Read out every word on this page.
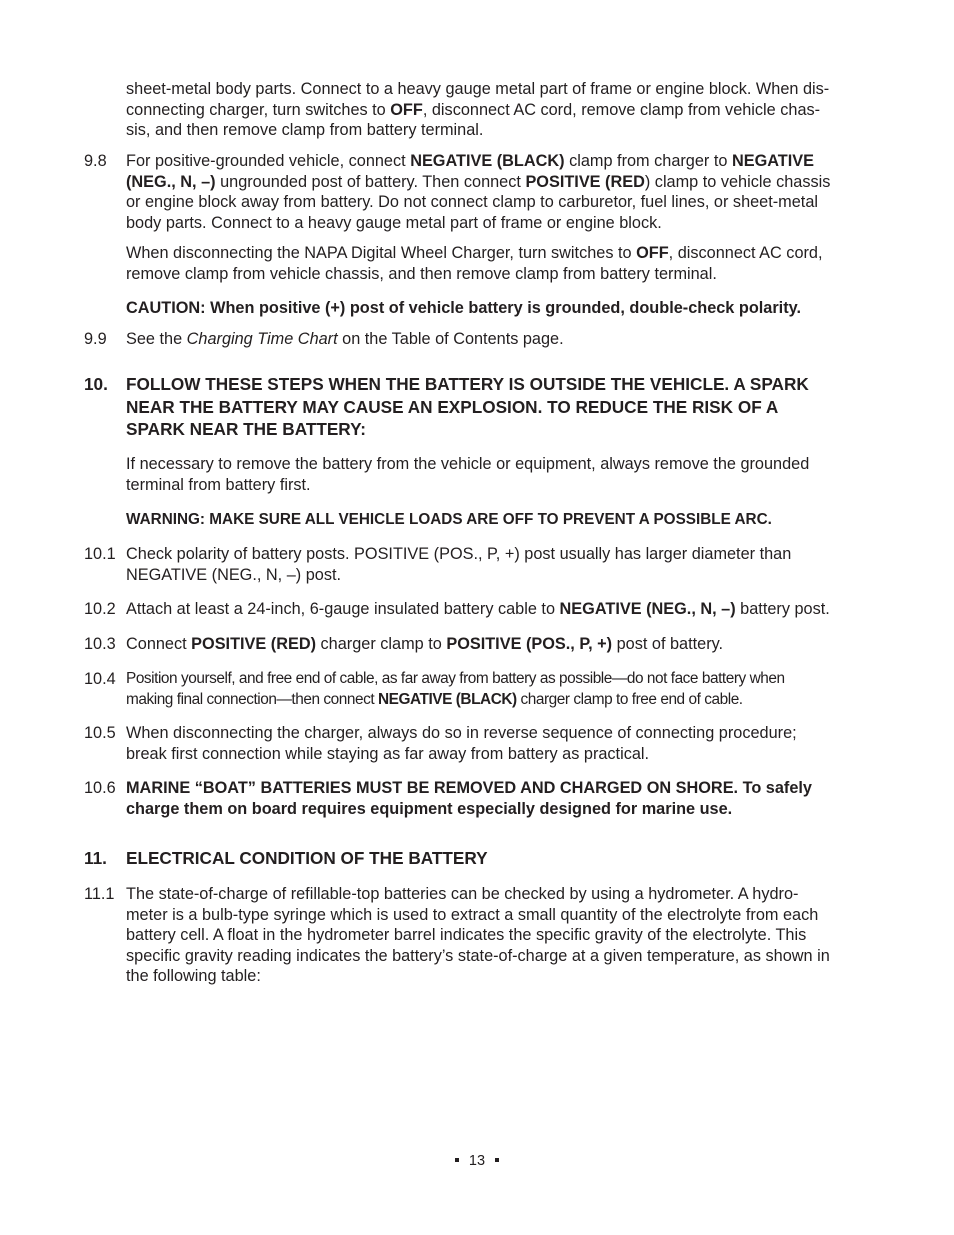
sheet-metal body parts. Connect to a heavy gauge metal part of frame or engine block. When dis-
connecting charger, turn switches to OFF, disconnect AC cord, remove clamp from vehicle chas-
sis, and then remove clamp from battery terminal.
9.8 For positive-grounded vehicle, connect NEGATIVE (BLACK) clamp from charger to NEGATIVE
(NEG., N, –) ungrounded post of battery. Then connect POSITIVE (RED) clamp to vehicle chassis
or engine block away from battery. Do not connect clamp to carburetor, fuel lines, or sheet-metal
body parts. Connect to a heavy gauge metal part of frame or engine block.
When disconnecting the NAPA Digital Wheel Charger, turn switches to OFF, disconnect AC cord,
remove clamp from vehicle chassis, and then remove clamp from battery terminal.
CAUTION: When positive (+) post of vehicle battery is grounded, double-check polarity.
9.9 See the Charging Time Chart on the Table of Contents page.
10. FOLLOW THESE STEPS WHEN THE BATTERY IS OUTSIDE THE VEHICLE. A SPARK
NEAR THE BATTERY MAY CAUSE AN EXPLOSION. TO REDUCE THE RISK OF A
SPARK NEAR THE BATTERY:
If necessary to remove the battery from the vehicle or equipment, always remove the grounded
terminal from battery first.
WARNING: MAKE SURE ALL VEHICLE LOADS ARE OFF TO PREVENT A POSSIBLE ARC.
10.1 Check polarity of battery posts. POSITIVE (POS., P, +) post usually has larger diameter than
NEGATIVE (NEG., N, –) post.
10.2 Attach at least a 24-inch, 6-gauge insulated battery cable to NEGATIVE (NEG., N, –) battery post.
10.3 Connect POSITIVE (RED) charger clamp to POSITIVE (POS., P, +) post of battery.
10.4 Position yourself, and free end of cable, as far away from battery as possible—do not face battery when
making final connection—then connect NEGATIVE (BLACK) charger clamp to free end of cable.
10.5 When disconnecting the charger, always do so in reverse sequence of connecting procedure;
break first connection while staying as far away from battery as practical.
10.6 MARINE “BOAT” BATTERIES MUST BE REMOVED AND CHARGED ON SHORE. To safely
charge them on board requires equipment especially designed for marine use.
11. ELECTRICAL CONDITION OF THE BATTERY
11.1 The state-of-charge of refillable-top batteries can be checked by using a hydrometer. A hydro-
meter is a bulb-type syringe which is used to extract a small quantity of the electrolyte from each
battery cell. A float in the hydrometer barrel indicates the specific gravity of the electrolyte. This
specific gravity reading indicates the battery’s state-of-charge at a given temperature, as shown in
the following table:
13
